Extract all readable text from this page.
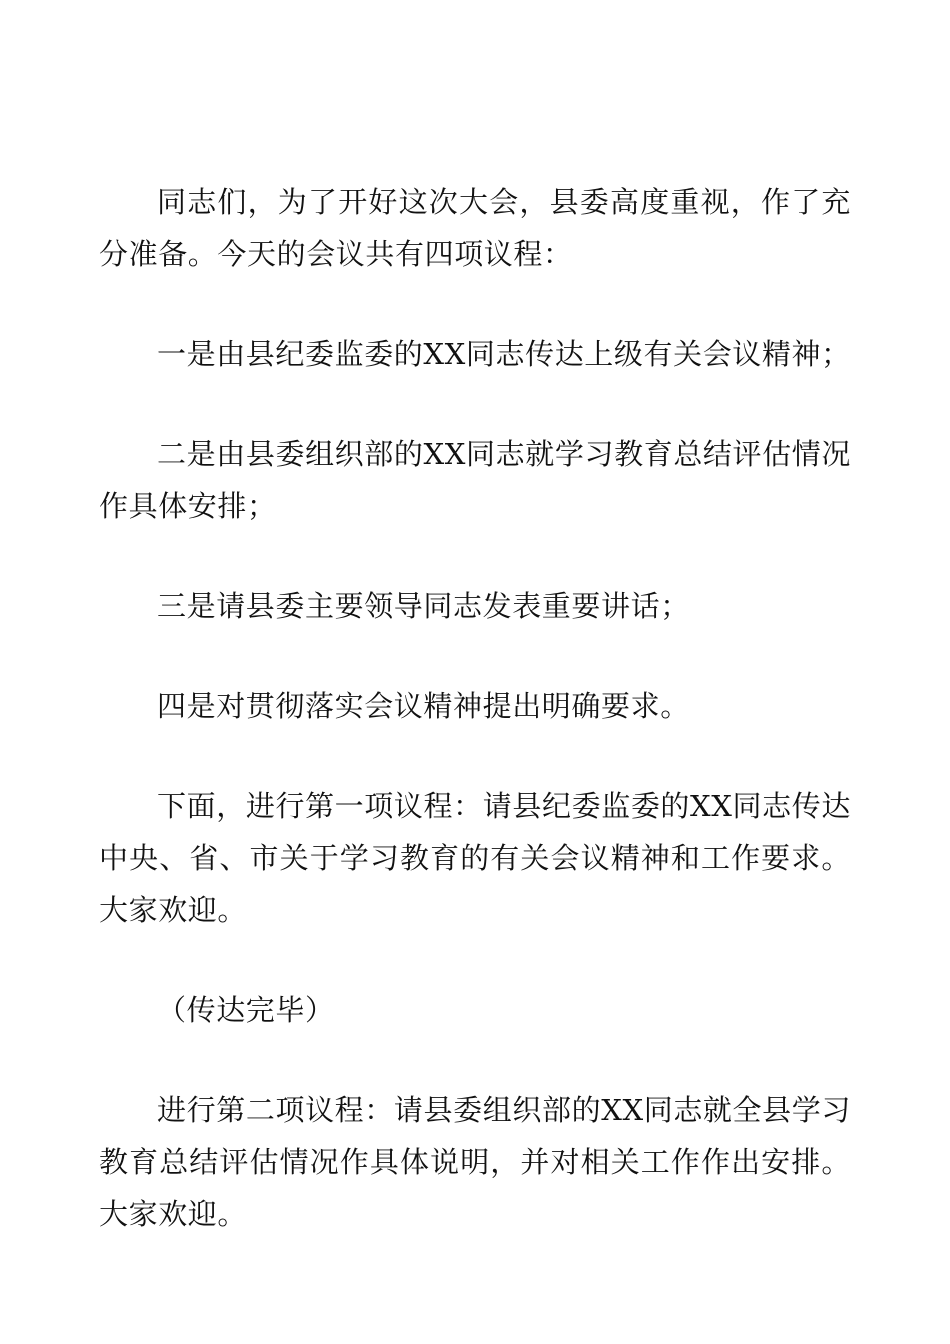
同志们，为了开好这次大会，县委高度重视，作了充分准备。今天的会议共有四项议程：

一是由县纪委监委的XX同志传达上级有关会议精神；

二是由县委组织部的XX同志就学习教育总结评估情况作具体安排；

三是请县委主要领导同志发表重要讲话；

四是对贯彻落实会议精神提出明确要求。

下面，进行第一项议程：请县纪委监委的XX同志传达中央、省、市关于学习教育的有关会议精神和工作要求。大家欢迎。

（传达完毕）

进行第二项议程：请县委组织部的XX同志就全县学习教育总结评估情况作具体说明，并对相关工作作出安排。大家欢迎。
